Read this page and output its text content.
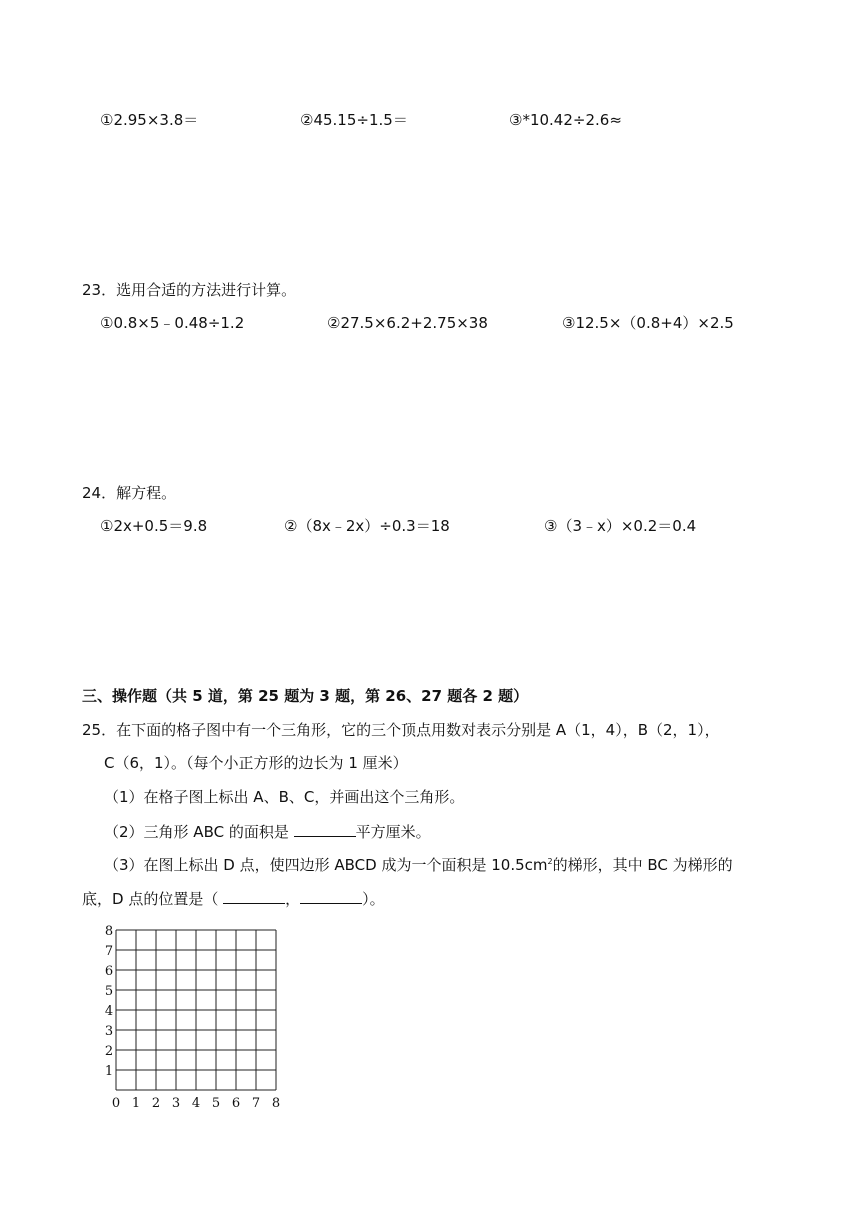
①2.95×3.8＝	②45.15÷1.5＝	③*10.42÷2.6≈
23．选用合适的方法进行计算。
①0.8×5﹣0.48÷1.2	②27.5×6.2+2.75×38	③12.5×（0.8+4）×2.5
24．解方程。
①2x+0.5＝9.8	②（8x﹣2x）÷0.3＝18	③（3﹣x）×0.2＝0.4
三、操作题（共 5 道，第 25 题为 3 题，第 26、27 题各 2 题）
25．在下面的格子图中有一个三角形，它的三个顶点用数对表示分别是 A（1，4），B（2，1），
C（6，1）。（每个小正方形的边长为 1 厘米）
（1）在格子图上标出 A、B、C，并画出这个三角形。
（2）三角形 ABC 的面积是	平方厘米。
（3）在图上标出 D 点，使四边形 ABCD 成为一个面积是 $10.5cm^2$的梯形，其中 BC 为梯形的
底，D 点的位置是（	，	）。
0 1 2 3 4 5 6 7 8
1
2
3
4
5
6
7
8
